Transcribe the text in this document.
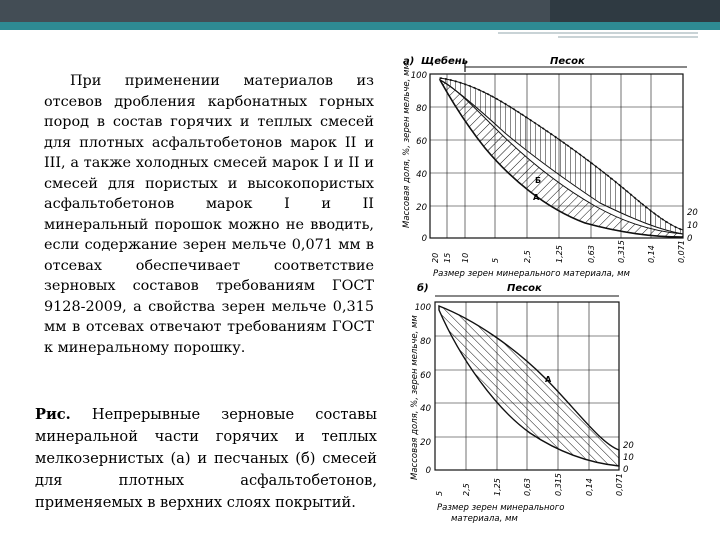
При применении материалов из отсевов дробления карбонатных горных пород в состав горячих и теплых смесей для плотных асфальтобетонов марок II и III, а также холодных смесей марок I и II и смесей для пористых и высокопористых асфальтобетонов марок I и II минеральный порошок можно не вводить, если содержание зерен мельче 0,071 мм в отсевах обеспечивает соответствие зерновых составов требованиям ГОСТ 9128-2009, а свойства зерен мельче 0,315 мм в отсевах отвечают требованиям ГОСТ к минеральному порошку.
Рис. Непрерывные зерновые составы минеральной части горячих и теплых мелкозернистых (а) и песчаных (б) смесей для плотных асфальтобетонов, применяемых в верхних слоях покрытий.
а) Щебень	Песок
Массовая доля, %, зерен мельче, мм	Б
А
100
80
60
40
20
0
20
10
0
20 15 10	5	2,5	1,25	0,63	0,315	0,14	0,071
Размер зерен минерального материала, мм
б)	Песок
Массовая доля, %, зерен мельче, мм	А
100
80
60
40
20
0
20
10
0
5 2,5	1,25	0,63	0,315	0,14	0,071
Размер зерен минерального
материала, мм
